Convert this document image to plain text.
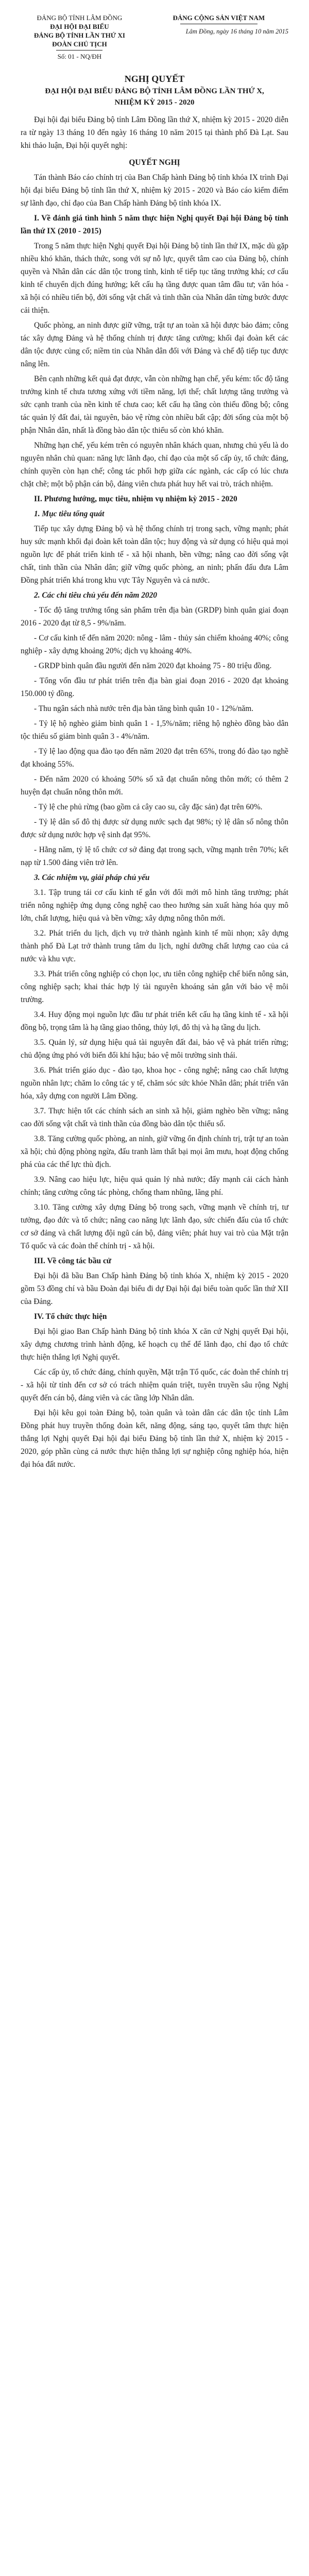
ĐẢNG BỘ TỈNH LÂM ĐỒNG
ĐẠI HỘI ĐẠI BIỂU
ĐẢNG BỘ TỈNH LẦN THỨ XI
ĐOÀN CHỦ TỊCH
Số: 01 - NQ/ĐH
ĐẢNG CỘNG SẢN VIỆT NAM
Lâm Đồng, ngày 16 tháng 10 năm 2015
NGHỊ QUYẾT
ĐẠI HỘI ĐẠI BIỂU ĐẢNG BỘ TỈNH LÂM ĐỒNG LẦN THỨ X,
NHIỆM KỲ 2015 - 2020

Đại hội đại biểu Đảng bộ tỉnh Lâm Đồng lần thứ X, nhiệm kỳ 2015 - 2020 diễn ra từ ngày 13 tháng 10 đến ngày 16 tháng 10 năm 2015 tại thành phố Đà Lạt. Sau khi thảo luận, Đại hội quyết nghị:

QUYẾT NGHỊ

Tán thành Báo cáo chính trị của Ban Chấp hành Đảng bộ tỉnh khóa IX trình Đại hội đại biểu Đảng bộ tỉnh lần thứ X, nhiệm kỳ 2015 - 2020 và Báo cáo kiểm điểm sự lãnh đạo, chỉ đạo của Ban Chấp hành Đảng bộ tỉnh khóa IX.

I. Về đánh giá tình hình 5 năm thực hiện Nghị quyết Đại hội Đảng bộ tỉnh lần thứ IX (2010 - 2015)

Trong 5 năm thực hiện Nghị quyết Đại hội Đảng bộ tỉnh lần thứ IX, mặc dù gặp nhiều khó khăn, thách thức, song với sự nỗ lực, quyết tâm cao của Đảng bộ, chính quyền và Nhân dân các dân tộc trong tỉnh, kinh tế tiếp tục tăng trưởng khá; cơ cấu kinh tế chuyển dịch đúng hướng; kết cấu hạ tầng được quan tâm đầu tư; văn hóa - xã hội có nhiều tiến bộ, đời sống vật chất và tinh thần của Nhân dân từng bước được cải thiện.

Quốc phòng, an ninh được giữ vững, trật tự an toàn xã hội được bảo đảm; công tác xây dựng Đảng và hệ thống chính trị được tăng cường; khối đại đoàn kết các dân tộc được củng cố; niềm tin của Nhân dân đối với Đảng và chế độ tiếp tục được nâng lên.

Bên cạnh những kết quả đạt được, vẫn còn những hạn chế, yếu kém: tốc độ tăng trưởng kinh tế chưa tương xứng với tiềm năng, lợi thế; chất lượng tăng trưởng và sức cạnh tranh của nền kinh tế chưa cao; kết cấu hạ tầng còn thiếu đồng bộ; công tác quản lý đất đai, tài nguyên, bảo vệ rừng còn nhiều bất cập; đời sống của một bộ phận Nhân dân, nhất là đồng bào dân tộc thiểu số còn khó khăn.

Những hạn chế, yếu kém trên có nguyên nhân khách quan, nhưng chủ yếu là do nguyên nhân chủ quan: năng lực lãnh đạo, chỉ đạo của một số cấp ủy, tổ chức đảng, chính quyền còn hạn chế; công tác phối hợp giữa các ngành, các cấp có lúc chưa chặt chẽ; một bộ phận cán bộ, đảng viên chưa phát huy hết vai trò, trách nhiệm.

II. Phương hướng, mục tiêu, nhiệm vụ nhiệm kỳ 2015 - 2020

1. Mục tiêu tổng quát

Tiếp tục xây dựng Đảng bộ và hệ thống chính trị trong sạch, vững mạnh; phát huy sức mạnh khối đại đoàn kết toàn dân tộc; huy động và sử dụng có hiệu quả mọi nguồn lực để phát triển kinh tế - xã hội nhanh, bền vững; nâng cao đời sống vật chất, tinh thần của Nhân dân; giữ vững quốc phòng, an ninh; phấn đấu đưa Lâm Đồng phát triển khá trong khu vực Tây Nguyên và cả nước.

2. Các chỉ tiêu chủ yếu đến năm 2020

- Tốc độ tăng trưởng tổng sản phẩm trên địa bàn (GRDP) bình quân giai đoạn 2016 - 2020 đạt từ 8,5 - 9%/năm.

- Cơ cấu kinh tế đến năm 2020: nông - lâm - thủy sản chiếm khoảng 40%; công nghiệp - xây dựng khoảng 20%; dịch vụ khoảng 40%.

- GRDP bình quân đầu người đến năm 2020 đạt khoảng 75 - 80 triệu đồng.

- Tổng vốn đầu tư phát triển trên địa bàn giai đoạn 2016 - 2020 đạt khoảng 150.000 tỷ đồng.

- Thu ngân sách nhà nước trên địa bàn tăng bình quân 10 - 12%/năm.

- Tỷ lệ hộ nghèo giảm bình quân 1 - 1,5%/năm; riêng hộ nghèo đồng bào dân tộc thiểu số giảm bình quân 3 - 4%/năm.

- Tỷ lệ lao động qua đào tạo đến năm 2020 đạt trên 65%, trong đó đào tạo nghề đạt khoảng 55%.

- Đến năm 2020 có khoảng 50% số xã đạt chuẩn nông thôn mới; có thêm 2 huyện đạt chuẩn nông thôn mới.

- Tỷ lệ che phủ rừng (bao gồm cả cây cao su, cây đặc sản) đạt trên 60%.

- Tỷ lệ dân số đô thị được sử dụng nước sạch đạt 98%; tỷ lệ dân số nông thôn được sử dụng nước hợp vệ sinh đạt 95%.

- Hằng năm, tỷ lệ tổ chức cơ sở đảng đạt trong sạch, vững mạnh trên 70%; kết nạp từ 1.500 đảng viên trở lên.

3. Các nhiệm vụ, giải pháp chủ yếu

3.1. Tập trung tái cơ cấu kinh tế gắn với đổi mới mô hình tăng trưởng; phát triển nông nghiệp ứng dụng công nghệ cao theo hướng sản xuất hàng hóa quy mô lớn, chất lượng, hiệu quả và bền vững; xây dựng nông thôn mới.

3.2. Phát triển du lịch, dịch vụ trở thành ngành kinh tế mũi nhọn; xây dựng thành phố Đà Lạt trở thành trung tâm du lịch, nghỉ dưỡng chất lượng cao của cả nước và khu vực.

3.3. Phát triển công nghiệp có chọn lọc, ưu tiên công nghiệp chế biến nông sản, công nghiệp sạch; khai thác hợp lý tài nguyên khoáng sản gắn với bảo vệ môi trường.

3.4. Huy động mọi nguồn lực đầu tư phát triển kết cấu hạ tầng kinh tế - xã hội đồng bộ, trọng tâm là hạ tầng giao thông, thủy lợi, đô thị và hạ tầng du lịch.

3.5. Quản lý, sử dụng hiệu quả tài nguyên đất đai, bảo vệ và phát triển rừng; chủ động ứng phó với biến đổi khí hậu; bảo vệ môi trường sinh thái.

3.6. Phát triển giáo dục - đào tạo, khoa học - công nghệ; nâng cao chất lượng nguồn nhân lực; chăm lo công tác y tế, chăm sóc sức khỏe Nhân dân; phát triển văn hóa, xây dựng con người Lâm Đồng.

3.7. Thực hiện tốt các chính sách an sinh xã hội, giảm nghèo bền vững; nâng cao đời sống vật chất và tinh thần của đồng bào dân tộc thiểu số.

3.8. Tăng cường quốc phòng, an ninh, giữ vững ổn định chính trị, trật tự an toàn xã hội; chủ động phòng ngừa, đấu tranh làm thất bại mọi âm mưu, hoạt động chống phá của các thế lực thù địch.

3.9. Nâng cao hiệu lực, hiệu quả quản lý nhà nước; đẩy mạnh cải cách hành chính; tăng cường công tác phòng, chống tham nhũng, lãng phí.

3.10. Tăng cường xây dựng Đảng bộ trong sạch, vững mạnh về chính trị, tư tưởng, đạo đức và tổ chức; nâng cao năng lực lãnh đạo, sức chiến đấu của tổ chức cơ sở đảng và chất lượng đội ngũ cán bộ, đảng viên; phát huy vai trò của Mặt trận Tổ quốc và các đoàn thể chính trị - xã hội.

III. Về công tác bầu cử

Đại hội đã bầu Ban Chấp hành Đảng bộ tỉnh khóa X, nhiệm kỳ 2015 - 2020 gồm 53 đồng chí và bầu Đoàn đại biểu đi dự Đại hội đại biểu toàn quốc lần thứ XII của Đảng.

IV. Tổ chức thực hiện

Đại hội giao Ban Chấp hành Đảng bộ tỉnh khóa X căn cứ Nghị quyết Đại hội, xây dựng chương trình hành động, kế hoạch cụ thể để lãnh đạo, chỉ đạo tổ chức thực hiện thắng lợi Nghị quyết.

Các cấp ủy, tổ chức đảng, chính quyền, Mặt trận Tổ quốc, các đoàn thể chính trị - xã hội từ tỉnh đến cơ sở có trách nhiệm quán triệt, tuyên truyền sâu rộng Nghị quyết đến cán bộ, đảng viên và các tầng lớp Nhân dân.

Đại hội kêu gọi toàn Đảng bộ, toàn quân và toàn dân các dân tộc tỉnh Lâm Đồng phát huy truyền thống đoàn kết, năng động, sáng tạo, quyết tâm thực hiện thắng lợi Nghị quyết Đại hội đại biểu Đảng bộ tỉnh lần thứ X, nhiệm kỳ 2015 - 2020, góp phần cùng cả nước thực hiện thắng lợi sự nghiệp công nghiệp hóa, hiện đại hóa đất nước.
